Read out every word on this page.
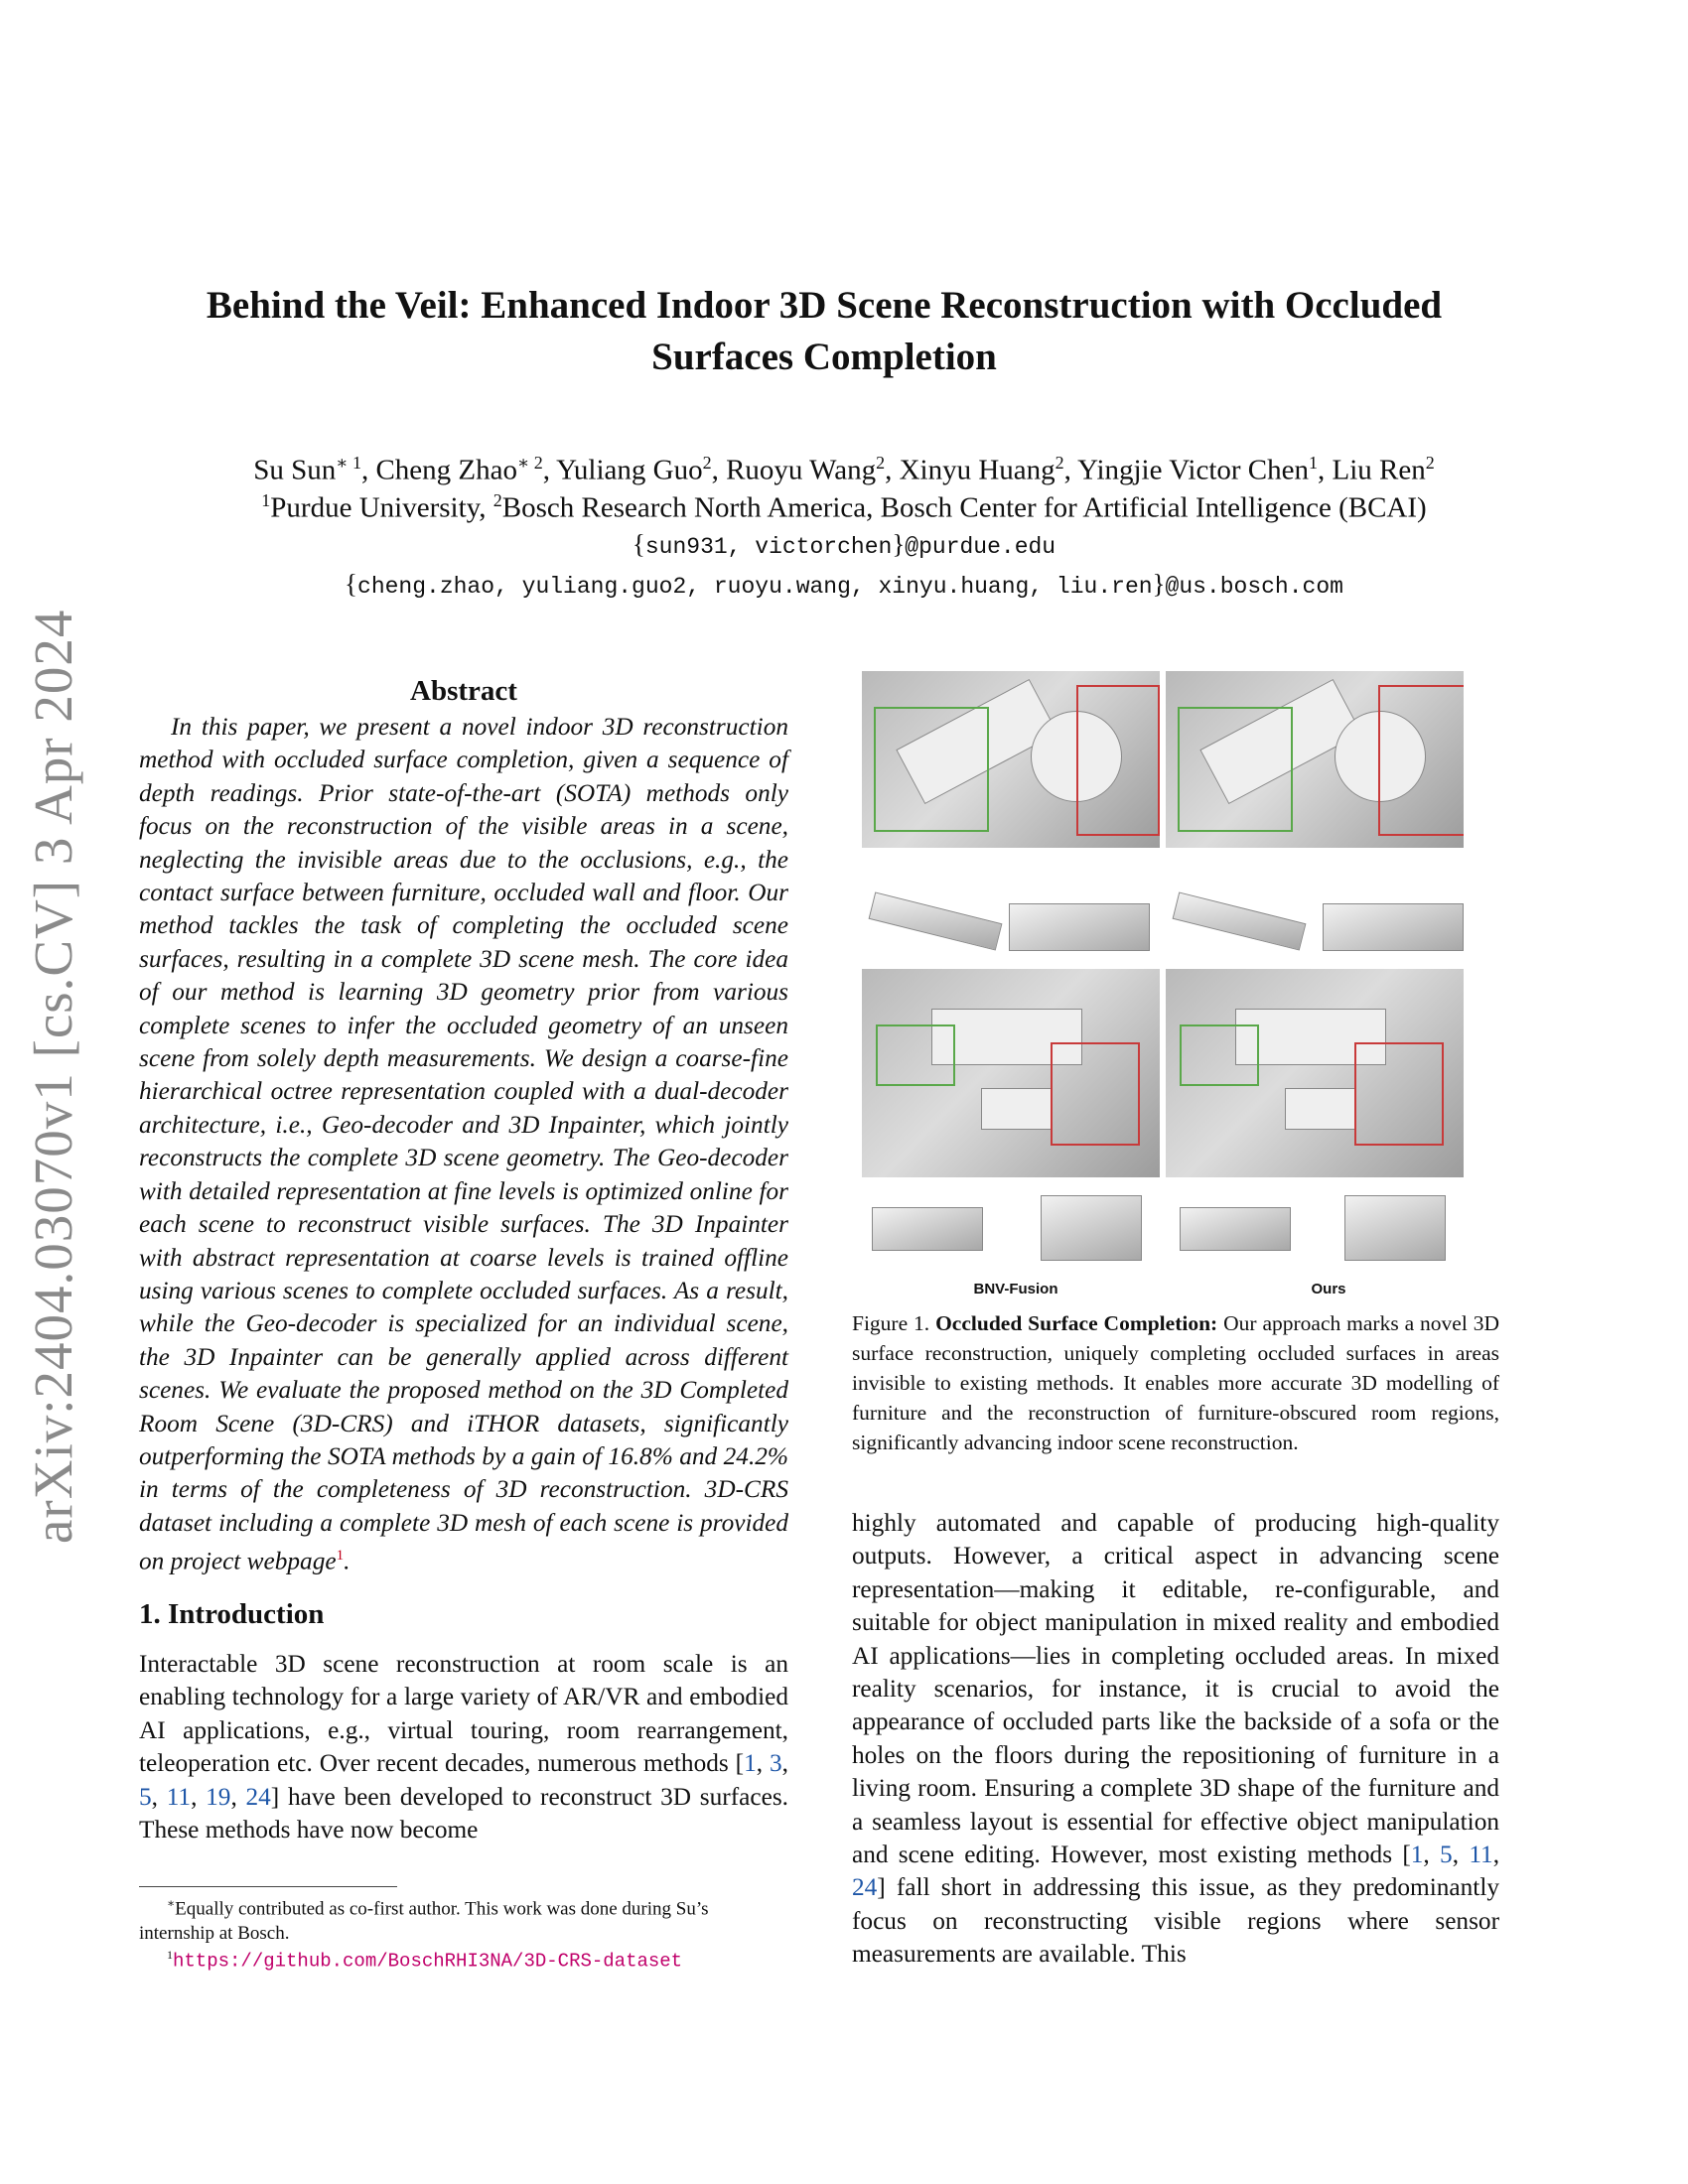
arXiv:2404.03070v1 [cs.CV] 3 Apr 2024
Behind the Veil: Enhanced Indoor 3D Scene Reconstruction with Occluded Surfaces Completion
Su Sun$^{∗ 1}$, Cheng Zhao$^{∗ 2}$, Yuliang Guo$^2$, Ruoyu Wang$^2$, Xinyu Huang$^2$, Yingjie Victor Chen$^1$, Liu Ren$^2$
$^1$Purdue University, $^2$Bosch Research North America, Bosch Center for Artificial Intelligence (BCAI)
{sun931, victorchen}@purdue.edu
{cheng.zhao, yuliang.guo2, ruoyu.wang, xinyu.huang, liu.ren}@us.bosch.com

Abstract

In this paper, we present a novel indoor 3D reconstruction method with occluded surface completion, given a sequence of depth readings. Prior state-of-the-art (SOTA) methods only focus on the reconstruction of the visible areas in a scene, neglecting the invisible areas due to the occlusions, e.g., the contact surface between furniture, occluded wall and floor. Our method tackles the task of completing the occluded scene surfaces, resulting in a complete 3D scene mesh. The core idea of our method is learning 3D geometry prior from various complete scenes to infer the occluded geometry of an unseen scene from solely depth measurements. We design a coarse-fine hierarchical octree representation coupled with a dual-decoder architecture, i.e., Geo-decoder and 3D Inpainter, which jointly reconstructs the complete 3D scene geometry. The Geo-decoder with detailed representation at fine levels is optimized online for each scene to reconstruct visible surfaces. The 3D Inpainter with abstract representation at coarse levels is trained offline using various scenes to complete occluded surfaces. As a result, while the Geo-decoder is specialized for an individual scene, the 3D Inpainter can be generally applied across different scenes. We evaluate the proposed method on the 3D Completed Room Scene (3D-CRS) and iTHOR datasets, significantly outperforming the SOTA methods by a gain of 16.8% and 24.2% in terms of the completeness of 3D reconstruction. 3D-CRS dataset including a complete 3D mesh of each scene is provided on project webpage$^1$.

1. Introduction

Interactable 3D scene reconstruction at room scale is an enabling technology for a large variety of AR/VR and embodied AI applications, e.g., virtual touring, room rearrangement, teleoperation etc. Over recent decades, numerous methods [1, 3, 5, 11, 19, 24] have been developed to reconstruct 3D surfaces. These methods have now become

∗Equally contributed as co-first author. This work was done during Su’s internship at Bosch.
$^1$https://github.com/BoschRHI3NA/3D-CRS-dataset
BNV-Fusion	Ours
Figure 1. Occluded Surface Completion: Our approach marks a novel 3D surface reconstruction, uniquely completing occluded surfaces in areas invisible to existing methods. It enables more accurate 3D modelling of furniture and the reconstruction of furniture-obscured room regions, significantly advancing indoor scene reconstruction.

highly automated and capable of producing high-quality outputs. However, a critical aspect in advancing scene representation—making it editable, re-configurable, and suitable for object manipulation in mixed reality and embodied AI applications—lies in completing occluded areas. In mixed reality scenarios, for instance, it is crucial to avoid the appearance of occluded parts like the backside of a sofa or the holes on the floors during the repositioning of furniture in a living room. Ensuring a complete 3D shape of the furniture and a seamless layout is essential for effective object manipulation and scene editing. However, most existing methods [1, 5, 11, 24] fall short in addressing this issue, as they predominantly focus on reconstructing visible regions where sensor measurements are available. This
